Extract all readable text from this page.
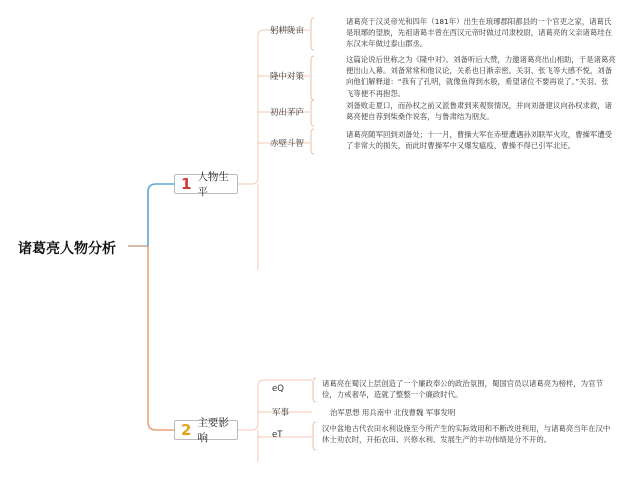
诸葛亮人物分析
1 人物生平
躬耕陇亩
诸葛亮于汉灵帝光和四年（181年）出生在琅琊郡阳都县的一个官吏之家，诸葛氏是琅琊的望族，先祖诸葛丰曾在西汉元帝时做过司隶校尉，诸葛亮的父亲诸葛珪在东汉末年做过泰山郡丞。
隆中对策
这篇论说后世称之为《隆中对》。刘备听后大赞，力邀诸葛亮出山相助，于是诸葛亮便出山入幕。刘备常常和他议论，关系也日渐亲密。关羽、张飞等大感不悦，刘备向他们解释道：“我有了孔明，就像鱼得到水般，希望诸位不要再说了。”关羽、张飞等便不再抱怨。
初出茅庐
刘备败走夏口，而孙权之前又派鲁肃到来观察情况，并向刘备建议向孙权求救，诸葛亮便自荐到柴桑作说客，与鲁肃结为朋友。
赤壁斗智
诸葛亮随军回到刘备处；十一月，曹操大军在赤壁遭遇孙刘联军火攻，曹操军遭受了非常大的损失，而此时曹操军中又爆发瘟疫，曹操不得已引军北还。
2 主要影响
eQ
诸葛亮在蜀汉上层创造了一个廉政奉公的政治氛围，蜀国官员以诸葛亮为榜样，为官节俭，力戒奢华，造就了整整一个廉政时代。
军事	治军思想 用兵南中 北伐曹魏 军事发明
eT
汉中盆地古代农田水利设施至今所产生的实际效用和不断改进利用，与诸葛亮当年在汉中休士劝农时，开拓农田、兴修水利、发展生产的丰功伟绩是分不开的。
